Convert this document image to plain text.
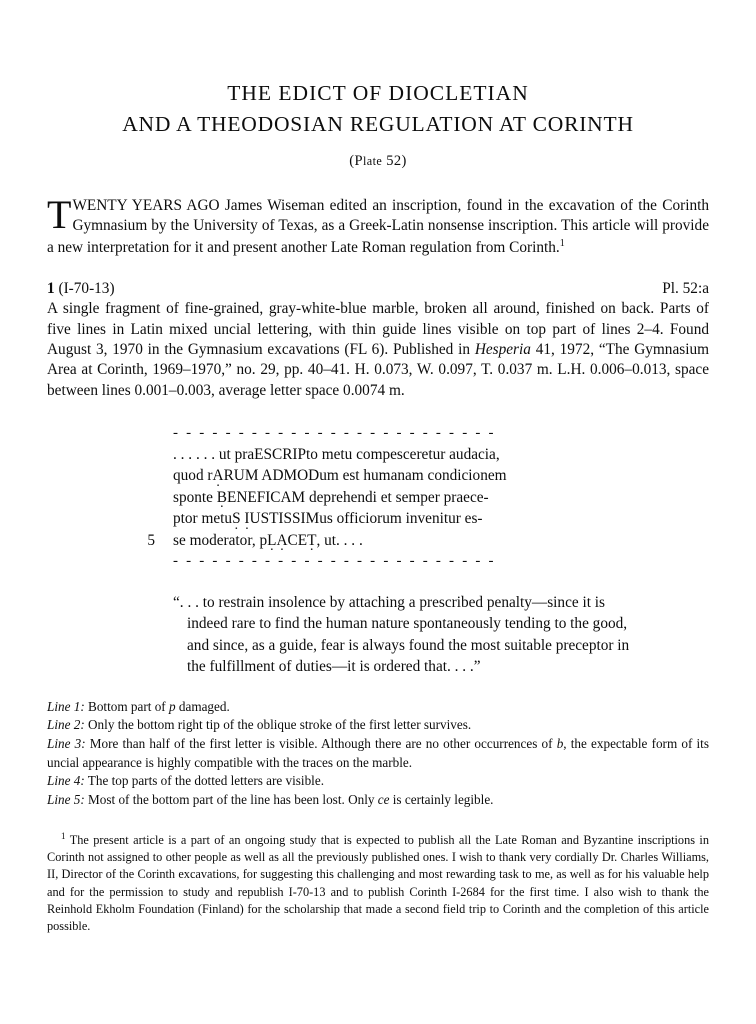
THE EDICT OF DIOCLETIAN
AND A THEODOSIAN REGULATION AT CORINTH
(Plate 52)
T WENTY YEARS AGO James Wiseman edited an inscription, found in the excavation of the Corinth Gymnasium by the University of Texas, as a Greek-Latin nonsense inscription. This article will provide a new interpretation for it and present another Late Roman regulation from Corinth.$^1$

1 (I-70-13)	Pl. 52:a
A single fragment of fine-grained, gray-white-blue marble, broken all around, finished on back. Parts of five lines in Latin mixed uncial lettering, with thin guide lines visible on top part of lines 2–4. Found August 3, 1970 in the Gymnasium excavations (FL 6). Published in Hesperia 41, 1972, “The Gymnasium Area at Corinth, 1969–1970,” no. 29, pp. 40–41. H. 0.073, W. 0.097, T. 0.037 m. L.H. 0.006–0.013, space between lines 0.001–0.003, average letter space 0.0074 m.
- - - - - - - - - - - - - - - - - - - - - - - - -
. . . . . . ut praESCRIPto metu compesceretur audacia,
quod rA ·RUM ADMODum est humanam condicionem
sponte B ·ENEFICAM deprehendi et semper praece-
ptor metuS · I ·USTISSIMus officiorum invenitur es-
5 se moderator, pL ·A ·CET ·, ut. . . .
- - - - - - - - - - - - - - - - - - - - - - - - -
“. . . to restrain insolence by attaching a prescribed penalty—since it is indeed rare to find the human nature spontaneously tending to the good, and since, as a guide, fear is always found the most suitable preceptor in the fulfillment of duties—it is ordered that. . . .”
Line 1: Bottom part of p damaged.
Line 2: Only the bottom right tip of the oblique stroke of the first letter survives.
Line 3: More than half of the first letter is visible. Although there are no other occurrences of b, the expectable form of its uncial appearance is highly compatible with the traces on the marble.
Line 4: The top parts of the dotted letters are visible.
Line 5: Most of the bottom part of the line has been lost. Only ce is certainly legible.
$^1$ The present article is a part of an ongoing study that is expected to publish all the Late Roman and Byzantine inscriptions in Corinth not assigned to other people as well as all the previously published ones. I wish to thank very cordially Dr. Charles Williams, II, Director of the Corinth excavations, for suggesting this challenging and most rewarding task to me, as well as for his valuable help and for the permission to study and republish I-70-13 and to publish Corinth I-2684 for the first time. I also wish to thank the Reinhold Ekholm Foundation (Finland) for the scholarship that made a second field trip to Corinth and the completion of this article possible.
